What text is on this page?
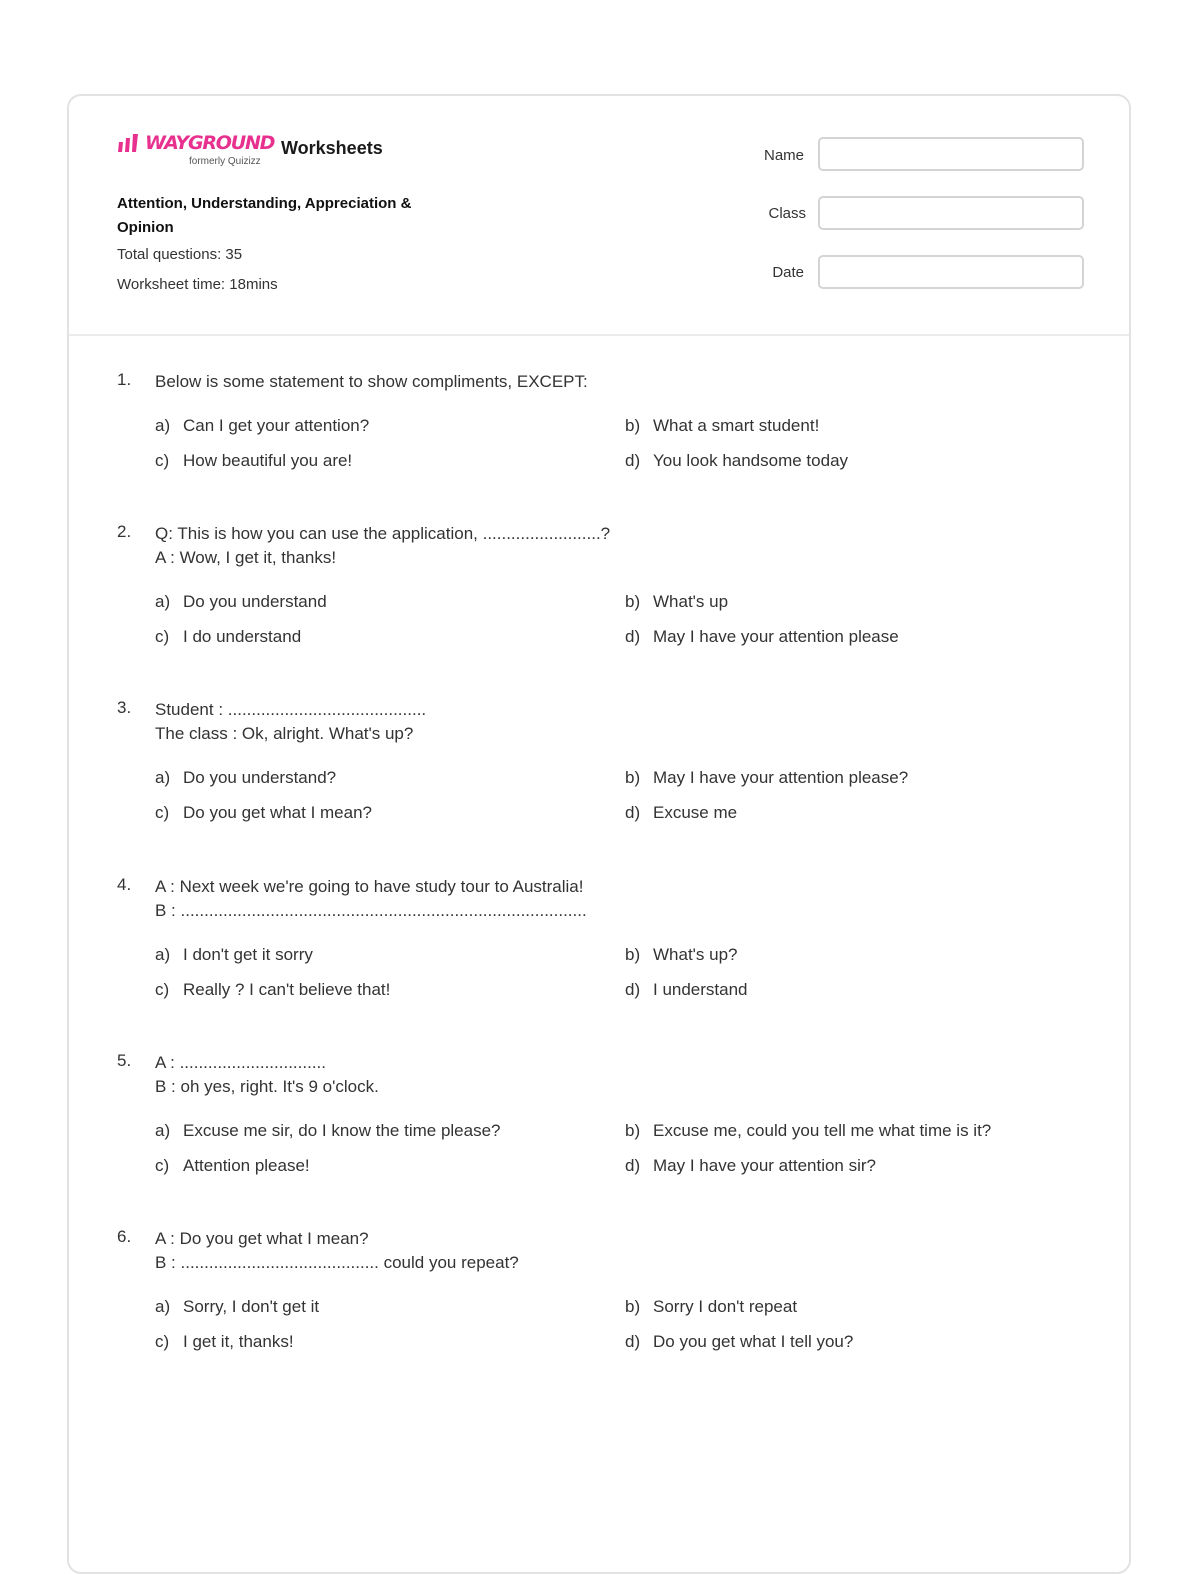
WAYGROUND
formerly Quizizz
Worksheets
Attention, Understanding, Appreciation & Opinion
Total questions: 35
Worksheet time: 18mins
Name
Class
Date
1. Below is some statement to show compliments, EXCEPT:
a) Can I get your attention?	b) What a smart student!
c) How beautiful you are!	d) You look handsome today
2. Q: This is how you can use the application, .........................?
A : Wow, I get it, thanks!
a) Do you understand	b) What's up
c) I do understand	d) May I have your attention please
3. Student : ..........................................
The class : Ok, alright. What's up?
a) Do you understand?	b) May I have your attention please?
c) Do you get what I mean?	d) Excuse me
4. A : Next week we're going to have study tour to Australia!
B : ......................................................................................
a) I don't get it sorry	b) What's up?
c) Really ? I can't believe that!	d) I understand
5. A : ...............................
B : oh yes, right. It's 9 o'clock.
a) Excuse me sir, do I know the time please?	b) Excuse me, could you tell me what time is it?
c) Attention please!	d) May I have your attention sir?
6. A : Do you get what I mean?
B : .......................................... could you repeat?
a) Sorry, I don't get it	b) Sorry I don't repeat
c) I get it, thanks!	d) Do you get what I tell you?
